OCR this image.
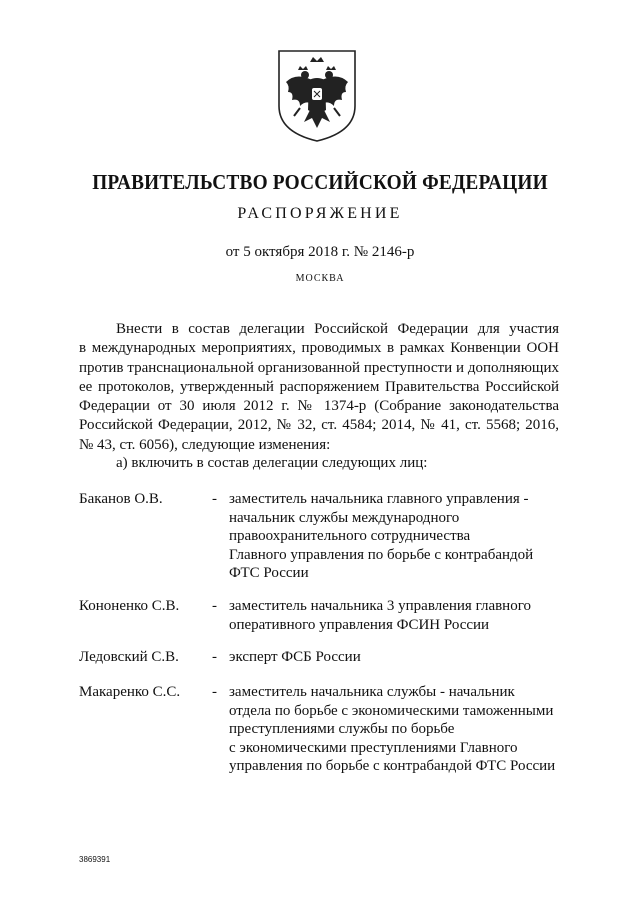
ПРАВИТЕЛЬСТВО РОССИЙСКОЙ ФЕДЕРАЦИИ
РАСПОРЯЖЕНИЕ
от 5 октября 2018 г. № 2146-р
МОСКВА
Внести в состав делегации Российской Федерации для участия
в международных мероприятиях, проводимых в рамках Конвенции ООН
против транснациональной организованной преступности и дополняющих
ее протоколов, утвержденный распоряжением Правительства Российской
Федерации от 30 июля 2012 г. № 1374-р (Собрание законодательства
Российской Федерации, 2012, № 32, ст. 4584; 2014, № 41, ст. 5568; 2016,
№ 43, ст. 6056), следующие изменения:
а) включить в состав делегации следующих лиц:
Баканов О.В.	- заместитель начальника главного управления -
начальник службы международного
правоохранительного сотрудничества
Главного управления по борьбе с контрабандой
ФТС России
Кононенко С.В. - заместитель начальника 3 управления главного
оперативного управления ФСИН России
Ледовский С.В. - эксперт ФСБ России
Макаренко С.С. - заместитель начальника службы - начальник
отдела по борьбе с экономическими таможенными
преступлениями службы по борьбе
с экономическими преступлениями Главного
управления по борьбе с контрабандой ФТС России
3869391
